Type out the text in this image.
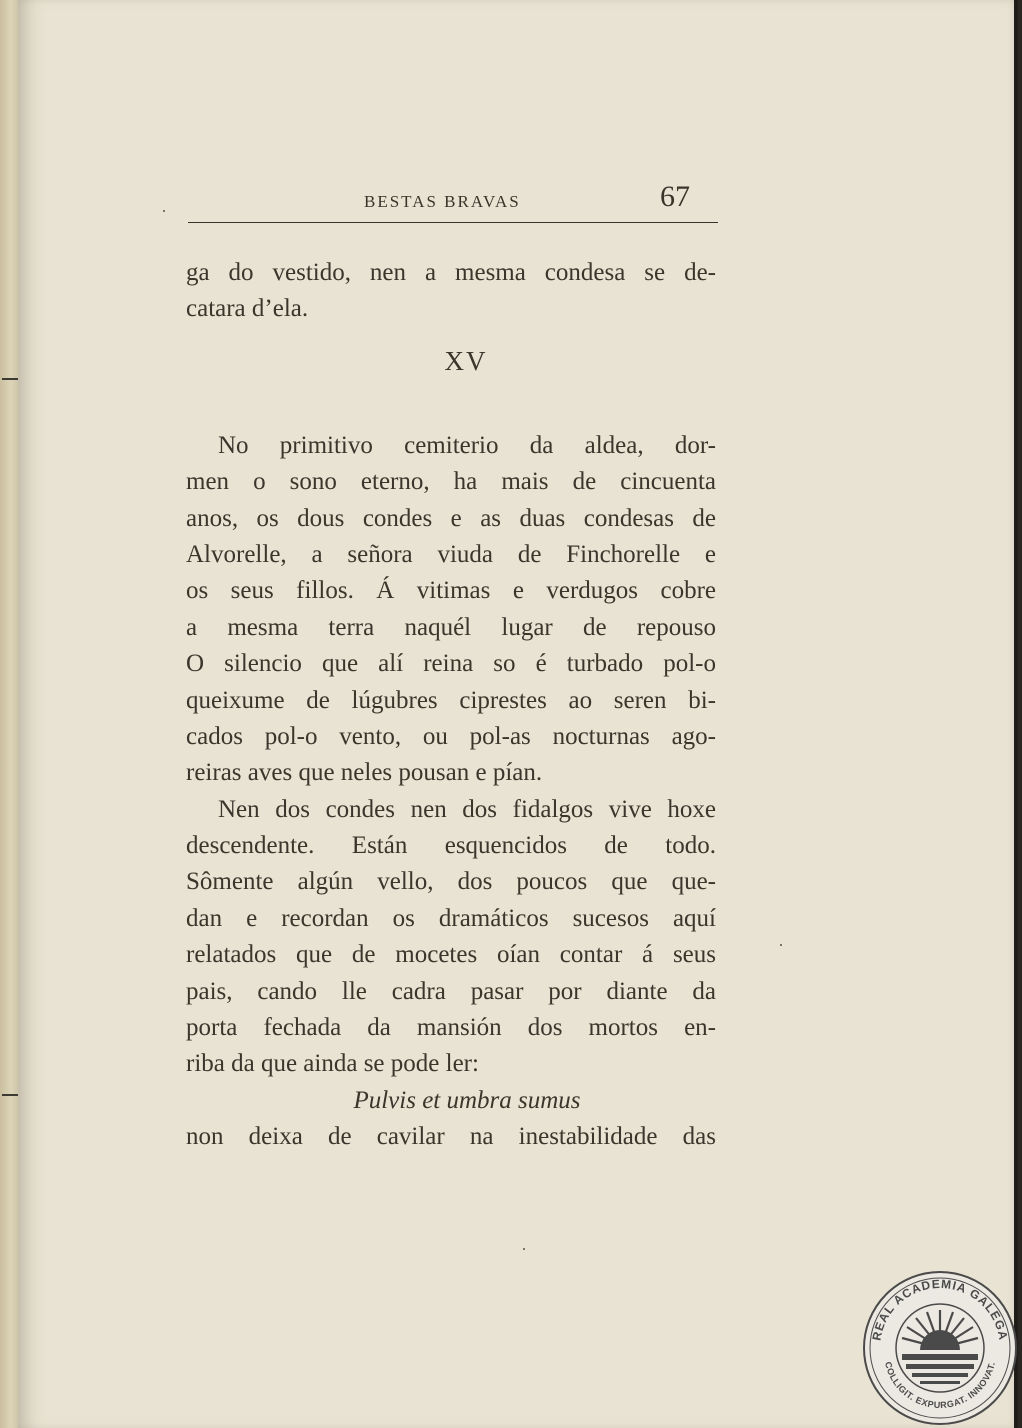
BESTAS BRAVAS	67
ga do vestido, nen a mesma condesa se de-
catara d’ela.
XV
No primitivo cemiterio da aldea, dor-
men o sono eterno, ha mais de cincuenta
anos, os dous condes e as duas condesas de
Alvorelle, a señora viuda de Finchorelle e
os seus fillos. Á vitimas e verdugos cobre
a mesma terra naquél lugar de repouso
O silencio que alí reina so é turbado pol-o
queixume de lúgubres ciprestes ao seren bi-
cados pol-o vento, ou pol-as nocturnas ago-
reiras aves que neles pousan e pían.
Nen dos condes nen dos fidalgos vive hoxe
descendente. Están esquencidos de todo.
Sômente algún vello, dos poucos que que-
dan e recordan os dramáticos sucesos aquí
relatados que de mocetes oían contar á seus
pais, cando lle cadra pasar por diante da
porta fechada da mansión dos mortos en-
riba da que ainda se pode ler:
Pulvis et umbra sumus
non deixa de cavilar na inestabilidade das
REAL ACADEMIA GALEGA
COLLIGIT. EXPURGAT. INNOVAT.
